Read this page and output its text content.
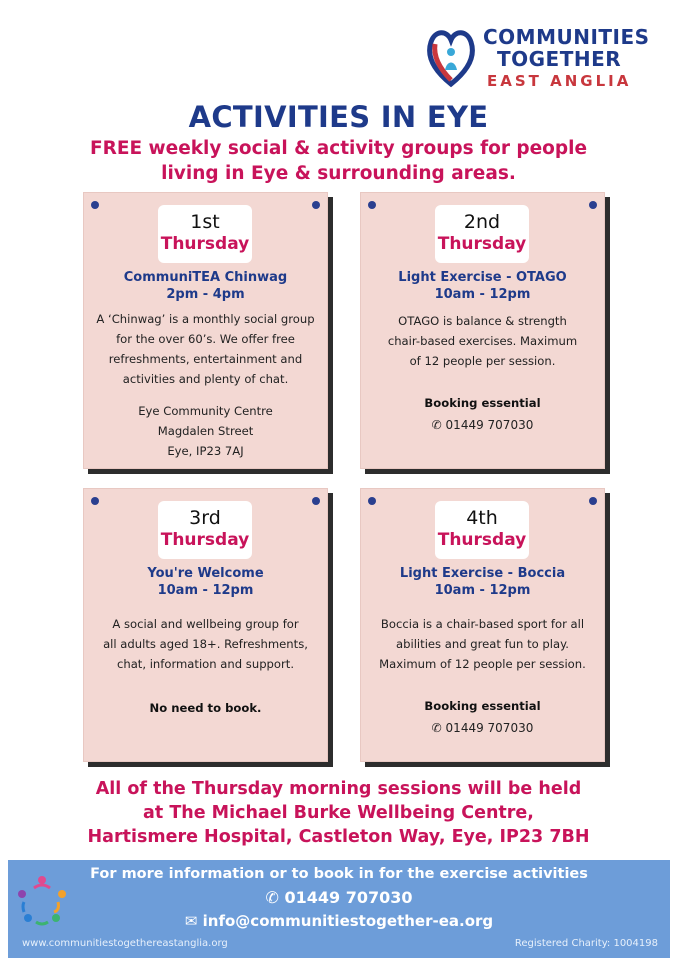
COMMUNITIES
TOGETHER
EAST ANGLIA
ACTIVITIES IN EYE
FREE weekly social & activity groups for people
living in Eye & surrounding areas.
1st
Thursday
CommuniTEA Chinwag
2pm - 4pm
A ‘Chinwag’ is a monthly social group
for the over 60’s. We offer free
refreshments, entertainment and
activities and plenty of chat.
Eye Community Centre
Magdalen Street
Eye, IP23 7AJ
2nd
Thursday
Light Exercise - OTAGO
10am - 12pm
OTAGO is balance & strength
chair-based exercises. Maximum
of 12 people per session.
Booking essential
✆ 01449 707030
3rd
Thursday
You're Welcome
10am - 12pm
A social and wellbeing group for
all adults aged 18+. Refreshments,
chat, information and support.
No need to book.
4th
Thursday
Light Exercise - Boccia
10am - 12pm
Boccia is a chair-based sport for all
abilities and great fun to play.
Maximum of 12 people per session.
Booking essential
✆ 01449 707030
All of the Thursday morning sessions will be held
at The Michael Burke Wellbeing Centre,
Hartismere Hospital, Castleton Way, Eye, IP23 7BH
For more information or to book in for the exercise activities
✆ 01449 707030
✉ info@communitiestogether-ea.org
www.communitiestogethereastanglia.org	Registered Charity: 1004198
